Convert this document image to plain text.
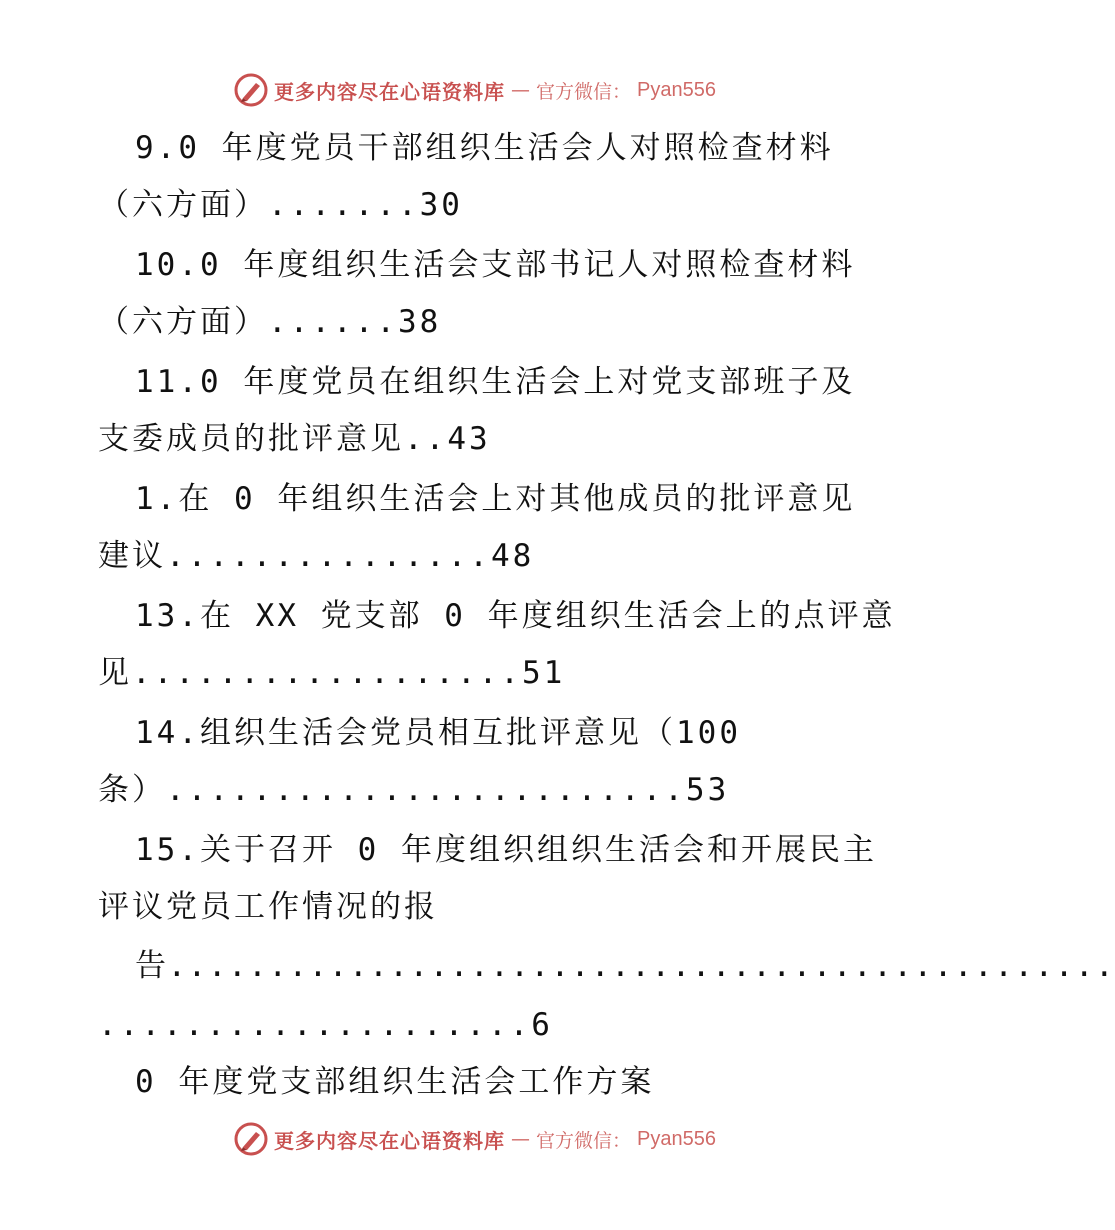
更多内容尽在心语资料库 — 官方微信： Pyan556
9.0 年度党员干部组织生活会人对照检查材料
（六方面）.......30
10.0 年度组织生活会支部书记人对照检查材料
（六方面）......38
11.0 年度党员在组织生活会上对党支部班子及
支委成员的批评意见..43
1.在 0 年组织生活会上对其他成员的批评意见
建议...............48
13.在 XX 党支部 0 年度组织生活会上的点评意
见..................51
14.组织生活会党员相互批评意见（100
条）........................53
15.关于召开 0 年度组织组织生活会和开展民主
评议党员工作情况的报
告...............................................
....................6
0 年度党支部组织生活会工作方案
更多内容尽在心语资料库 — 官方微信： Pyan556
